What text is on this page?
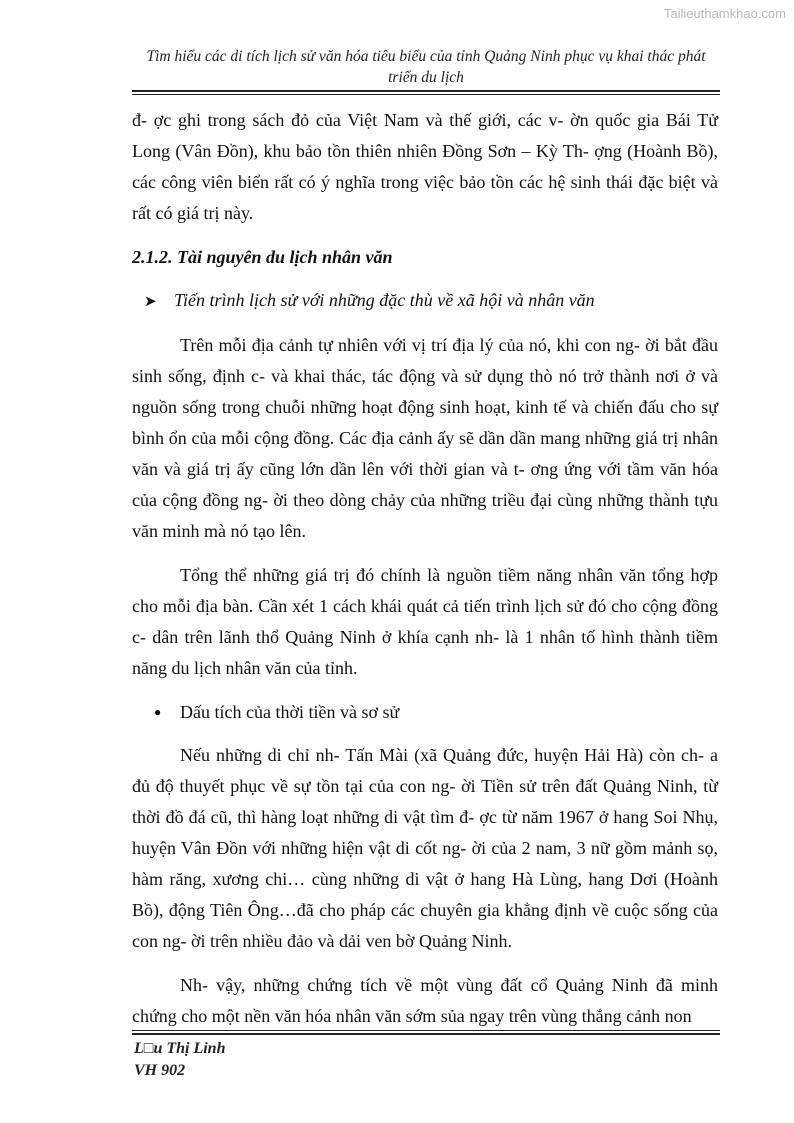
Tailieuthamkhao.com
Tìm hiểu các di tích lịch sử văn hóa tiêu biểu của tỉnh Quảng Ninh phục vụ khai thác phát triển du lịch

đ- ợc ghi trong sách đỏ của Việt Nam và thế giới, các v- ờn quốc gia Bái Tử Long (Vân Đồn), khu bảo tồn thiên nhiên Đồng Sơn – Kỳ Th- ợng (Hoành Bồ), các công viên biển rất có ý nghĩa trong việc bảo tồn các hệ sinh thái đặc biệt và rất có giá trị này.

2.1.2. Tài nguyên du lịch nhân văn
➤ Tiến trình lịch sử với những đặc thù về xã hội và nhân văn

Trên mỗi địa cảnh tự nhiên với vị trí địa lý của nó, khi con ng- ời bắt đầu sinh sống, định c- và khai thác, tác động và sử dụng thò nó trở thành nơi ở và nguồn sống trong chuỗi những hoạt động sinh hoạt, kinh tế và chiến đấu cho sự bình ổn của mỗi cộng đồng. Các địa cảnh ấy sẽ dần dần mang những giá trị nhân văn và giá trị ấy cũng lớn dần lên với thời gian và t- ơng ứng với tầm văn hóa của cộng đồng ng- ời theo dòng chảy của những triều đại cùng những thành tựu văn minh mà nó tạo lên.

Tổng thể những giá trị đó chính là nguồn tiềm năng nhân văn tổng hợp cho mỗi địa bàn. Cần xét 1 cách khái quát cả tiến trình lịch sử đó cho cộng đồng c- dân trên lãnh thổ Quảng Ninh ở khía cạnh nh- là 1 nhân tố hình thành tiềm năng du lịch nhân văn của tỉnh.

●	Dấu tích của thời tiền và sơ sử

Nếu những di chỉ nh- Tấn Mài (xã Quảng đức, huyện Hải Hà) còn ch- a đủ độ thuyết phục về sự tồn tại của con ng- ời Tiền sử trên đất Quảng Ninh, từ thời đồ đá cũ, thì hàng loạt những di vật tìm đ- ợc từ năm 1967 ở hang Soi Nhụ, huyện Vân Đồn với những hiện vật di cốt ng- ời của 2 nam, 3 nữ gồm mảnh sọ, hàm răng, xương chi… cùng những di vật ở hang Hà Lùng, hang Dơi (Hoành Bồ), động Tiên Ông…đã cho pháp các chuyên gia khẳng định về cuộc sống của con ng- ời trên nhiều đảo và dải ven bờ Quảng Ninh.

Nh- vậy, những chứng tích về một vùng đất cổ Quảng Ninh đã minh chứng cho một nền văn hóa nhân văn sớm sủa ngay trên vùng thắng cảnh non

L□u Thị Linh
VH 902
